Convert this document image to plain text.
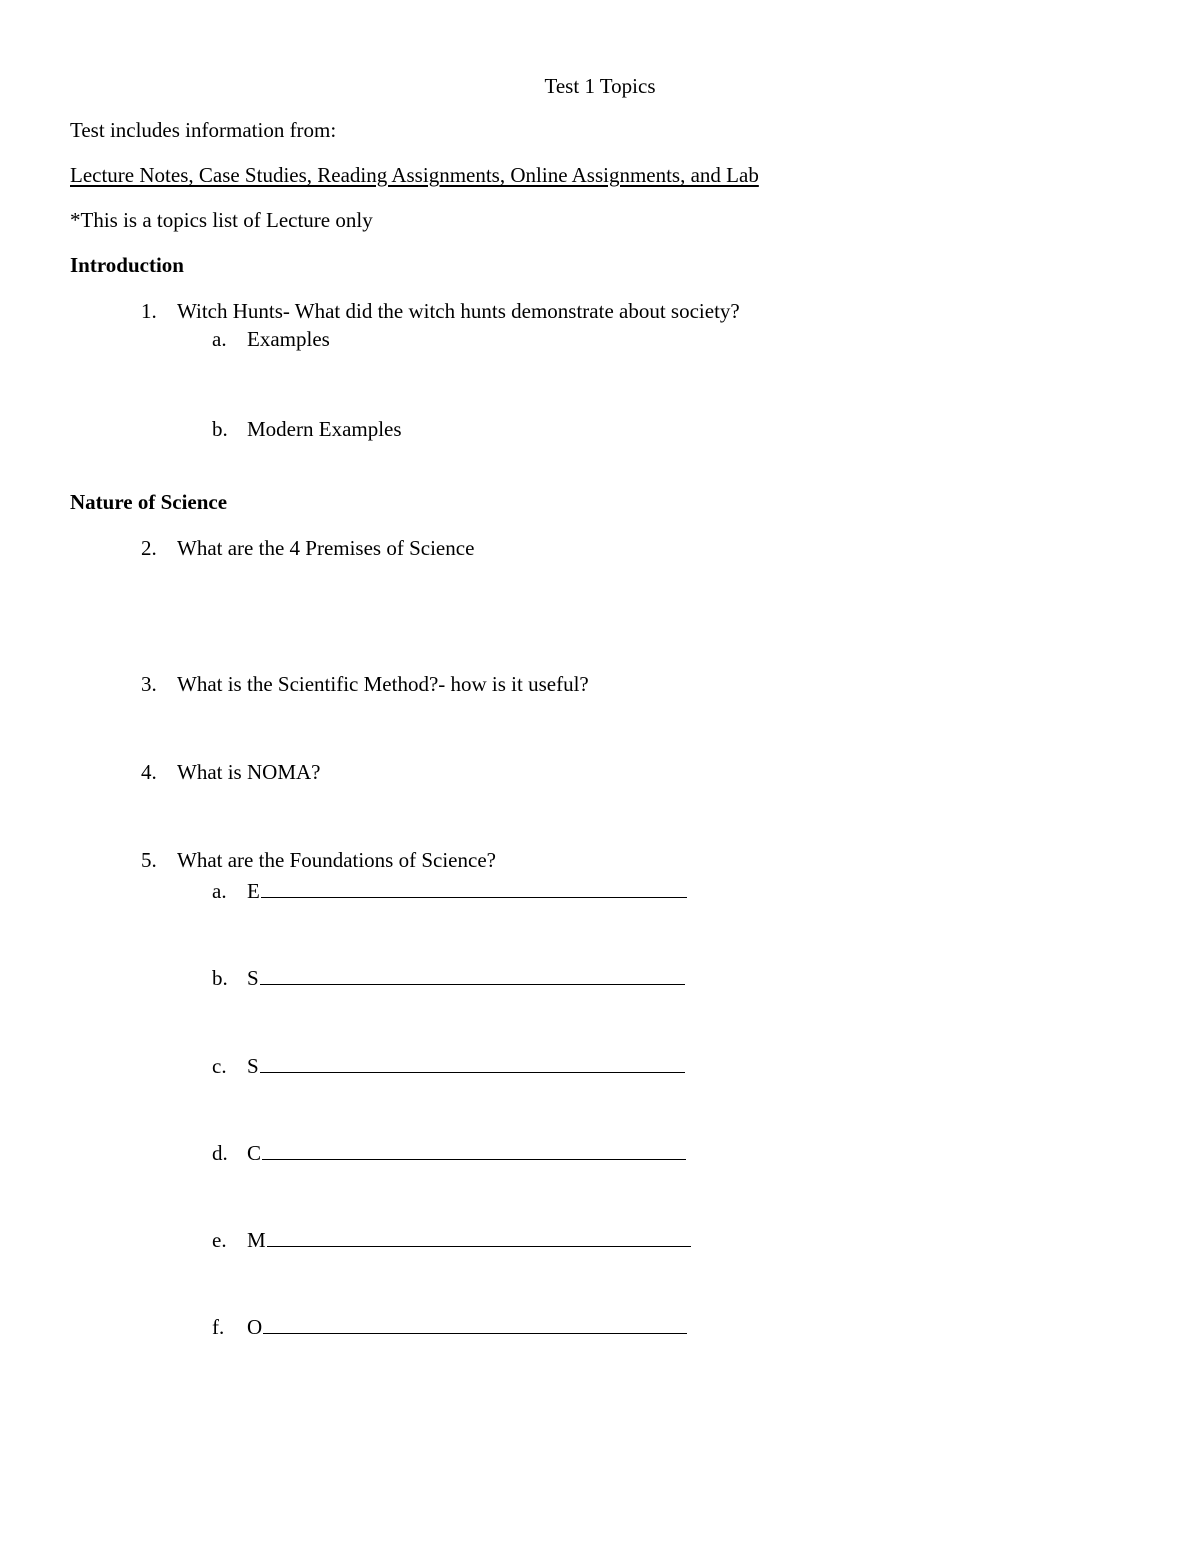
Test 1 Topics
Test includes information from:
Lecture Notes, Case Studies, Reading Assignments, Online Assignments, and Lab
*This is a topics list of Lecture only
Introduction
1. Witch Hunts- What did the witch hunts demonstrate about society?
a. Examples
b. Modern Examples
Nature of Science
2. What are the 4 Premises of Science
3. What is the Scientific Method?- how is it useful?
4. What is NOMA?
5. What are the Foundations of Science?
a. E
b. S
c. S
d. C
e. M
f.	O
